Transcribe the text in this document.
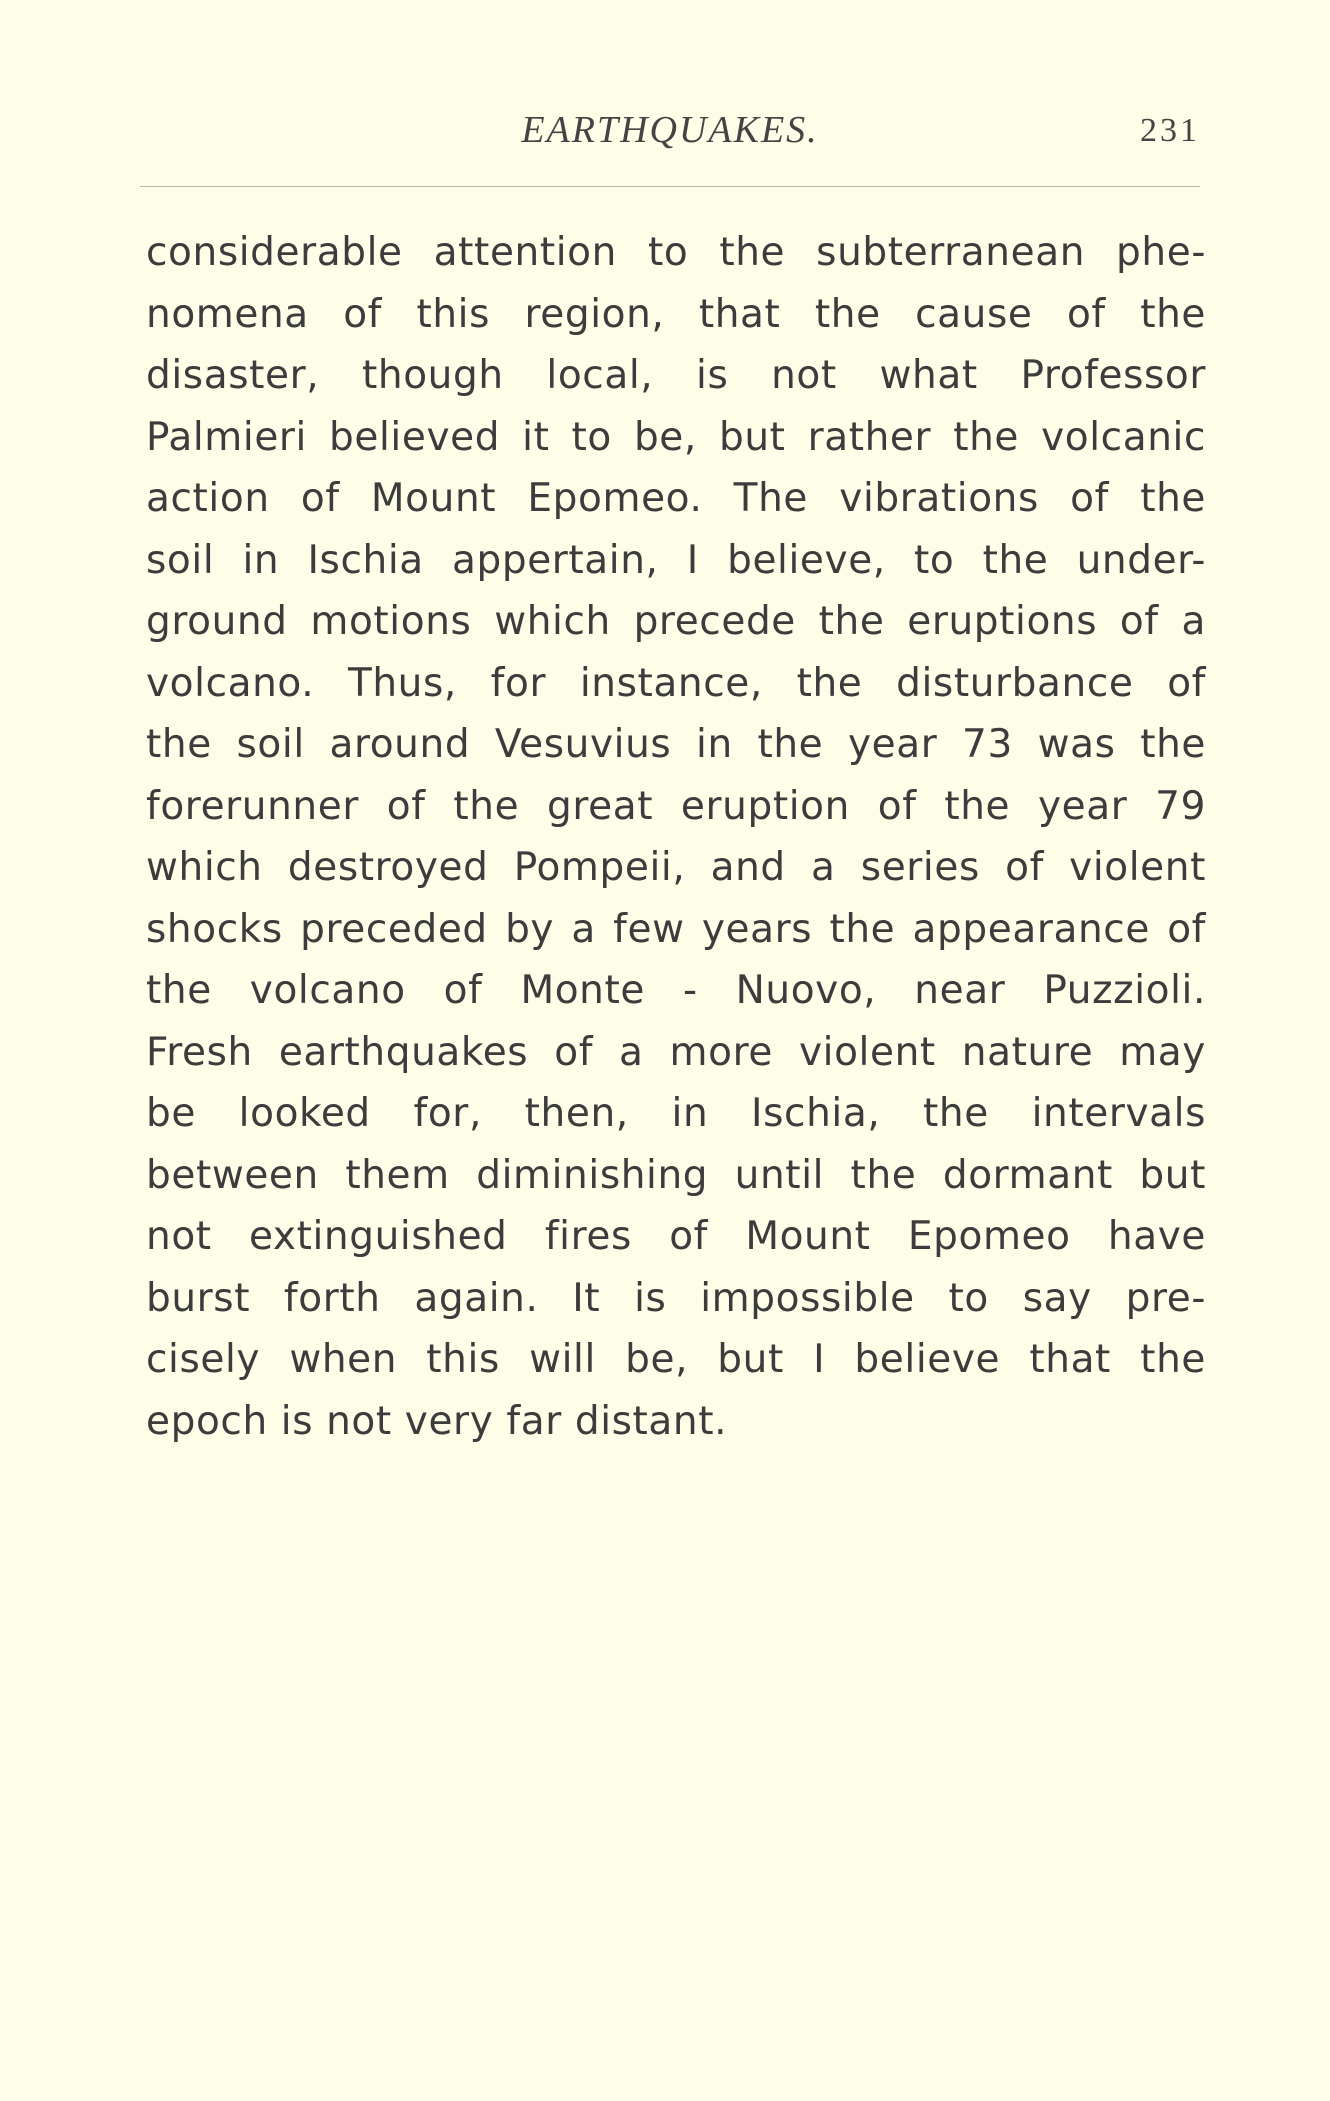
EARTHQUAKES.	231
considerable attention to the subterranean phe-
nomena of this region, that the cause of the
disaster, though local, is not what Professor
Palmieri believed it to be, but rather the volcanic
action of Mount Epomeo. The vibrations of the
soil in Ischia appertain, I believe, to the under-
ground motions which precede the eruptions of a
volcano. Thus, for instance, the disturbance of
the soil around Vesuvius in the year 73 was the
forerunner of the great eruption of the year 79
which destroyed Pompeii, and a series of violent
shocks preceded by a few years the appearance of
the volcano of Monte - Nuovo, near Puzzioli.
Fresh earthquakes of a more violent nature may
be looked for, then, in Ischia, the intervals
between them diminishing until the dormant but
not extinguished fires of Mount Epomeo have
burst forth again. It is impossible to say pre-
cisely when this will be, but I believe that the
epoch is not very far distant.
